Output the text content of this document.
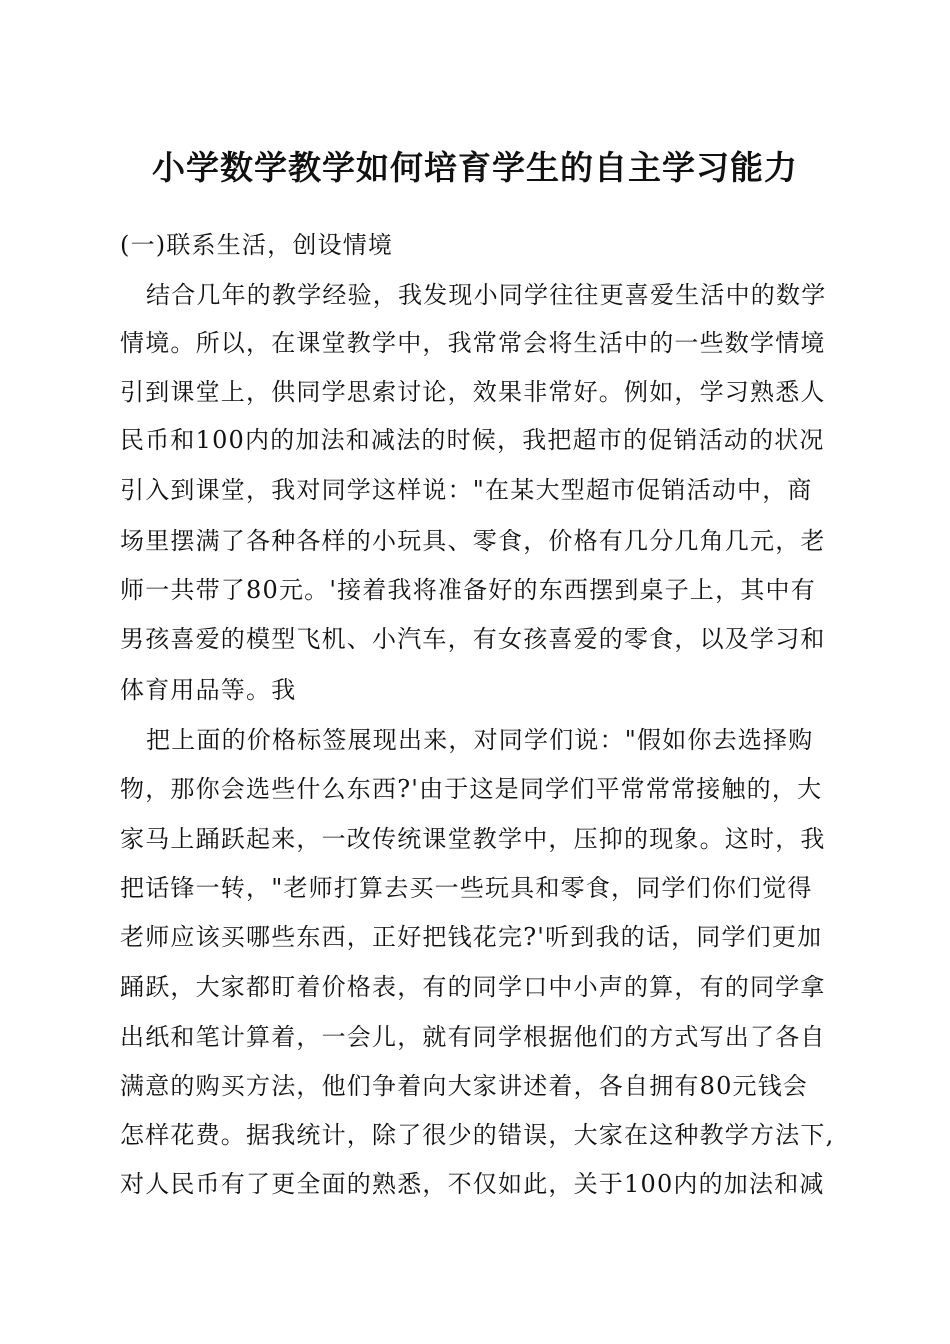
小学数学教学如何培育学生的自主学习能力
(一)联系生活，创设情境
结合几年的教学经验，我发现小同学往往更喜爱生活中的数学
情境。所以，在课堂教学中，我常常会将生活中的一些数学情境
引到课堂上，供同学思索讨论，效果非常好。例如，学习熟悉人
民币和100内的加法和减法的时候，我把超市的促销活动的状况
引入到课堂，我对同学这样说："在某大型超市促销活动中，商
场里摆满了各种各样的小玩具、零食，价格有几分几角几元，老
师一共带了80元。'接着我将准备好的东西摆到桌子上，其中有
男孩喜爱的模型飞机、小汽车，有女孩喜爱的零食，以及学习和
体育用品等。我
把上面的价格标签展现出来，对同学们说："假如你去选择购
物，那你会选些什么东西?'由于这是同学们平常常常接触的，大
家马上踊跃起来，一改传统课堂教学中，压抑的现象。这时，我
把话锋一转，"老师打算去买一些玩具和零食，同学们你们觉得
老师应该买哪些东西，正好把钱花完?'听到我的话，同学们更加
踊跃，大家都盯着价格表，有的同学口中小声的算，有的同学拿
出纸和笔计算着，一会儿，就有同学根据他们的方式写出了各自
满意的购买方法，他们争着向大家讲述着，各自拥有80元钱会
怎样花费。据我统计，除了很少的错误，大家在这种教学方法下,
对人民币有了更全面的熟悉，不仅如此，关于100内的加法和减
